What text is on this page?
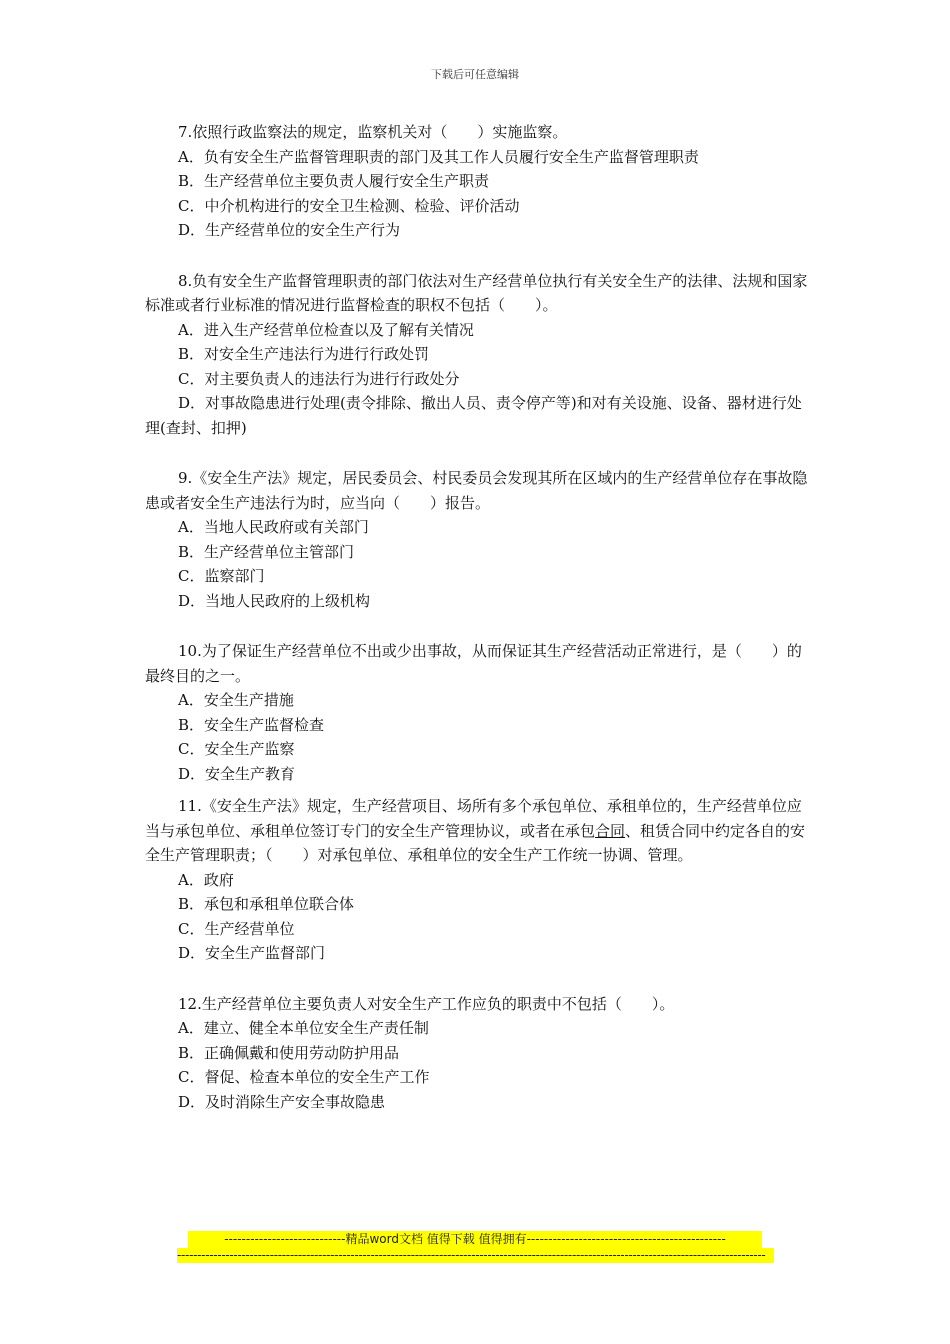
下载后可任意编辑

7.依照行政监察法的规定，监察机关对（　　）实施监察。

A．负有安全生产监督管理职责的部门及其工作人员履行安全生产监督管理职责

B．生产经营单位主要负责人履行安全生产职责

C．中介机构进行的安全卫生检测、检验、评价活动

D．生产经营单位的安全生产行为

8.负有安全生产监督管理职责的部门依法对生产经营单位执行有关安全生产的法律、法规和国家标准或者行业标准的情况进行监督检查的职权不包括（　　）。

A．进入生产经营单位检查以及了解有关情况

B．对安全生产违法行为进行行政处罚

C．对主要负责人的违法行为进行行政处分

D．对事故隐患进行处理(责令排除、撤出人员、责令停产等)和对有关设施、设备、器材进行处理(查封、扣押)

9.《安全生产法》规定，居民委员会、村民委员会发现其所在区域内的生产经营单位存在事故隐患或者安全生产违法行为时，应当向（　　）报告。

A．当地人民政府或有关部门

B．生产经营单位主管部门

C．监察部门

D．当地人民政府的上级机构

10.为了保证生产经营单位不出或少出事故，从而保证其生产经营活动正常进行，是（　　）的最终目的之一。

A．安全生产措施

B．安全生产监督检查

C．安全生产监察

D．安全生产教育

11.《安全生产法》规定，生产经营项目、场所有多个承包单位、承租单位的，生产经营单位应当与承包单位、承租单位签订专门的安全生产管理协议，或者在承包合同、租赁合同中约定各自的安全生产管理职责；（　　）对承包单位、承租单位的安全生产工作统一协调、管理。

A．政府

B．承包和承租单位联合体

C．生产经营单位

D．安全生产监督部门

12.生产经营单位主要负责人对安全生产工作应负的职责中不包括（　　）。

A．建立、健全本单位安全生产责任制

B．正确佩戴和使用劳动防护用品

C．督促、检查本单位的安全生产工作

D．及时消除生产安全事故隐患

----------------------------精品word文档 值得下载 值得拥有----------------------------------------------
--------------------------------------------------------------------------------------------------------------------------------------------------
